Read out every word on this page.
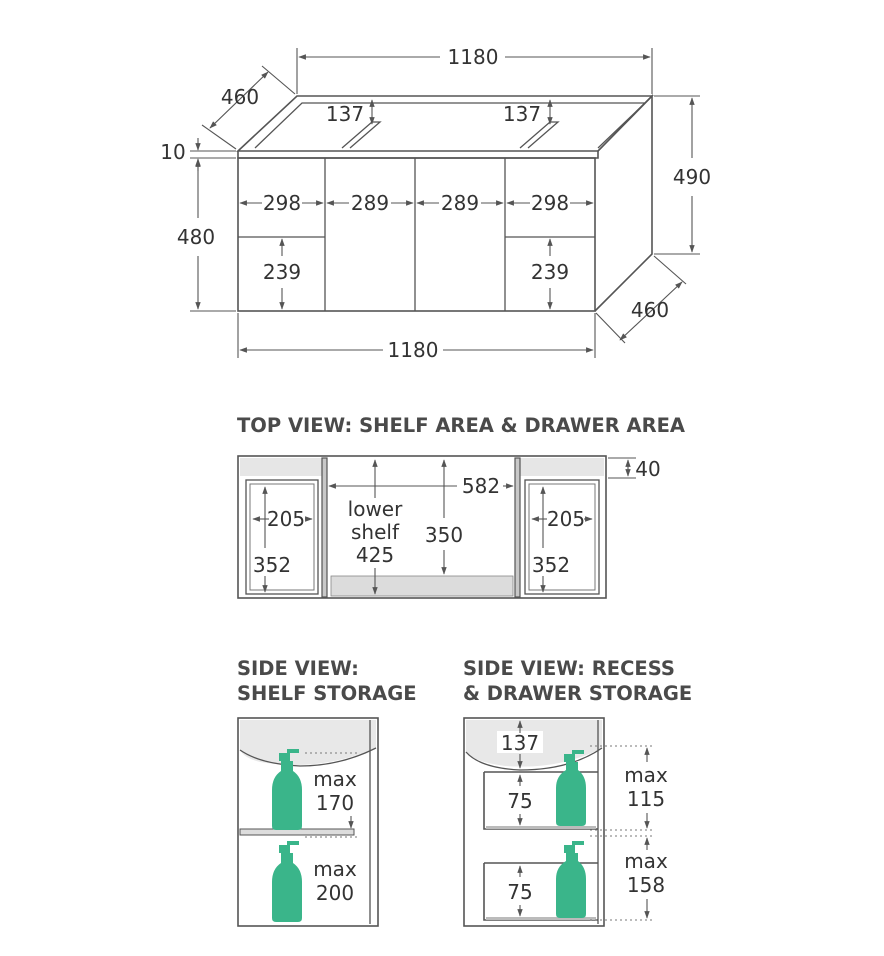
1180
460
137	137
10
480
490
298 289	289	298
239	239
460
1180
TOP VIEW: SHELF AREA & DRAWER AREA
40
582
lower
shelf
425
350
205
352
205
352
SIDE VIEW:
SHELF STORAGE
max
170
max
200
SIDE VIEW: RECESS
& DRAWER STORAGE
137
75
75
max
115
max
158
